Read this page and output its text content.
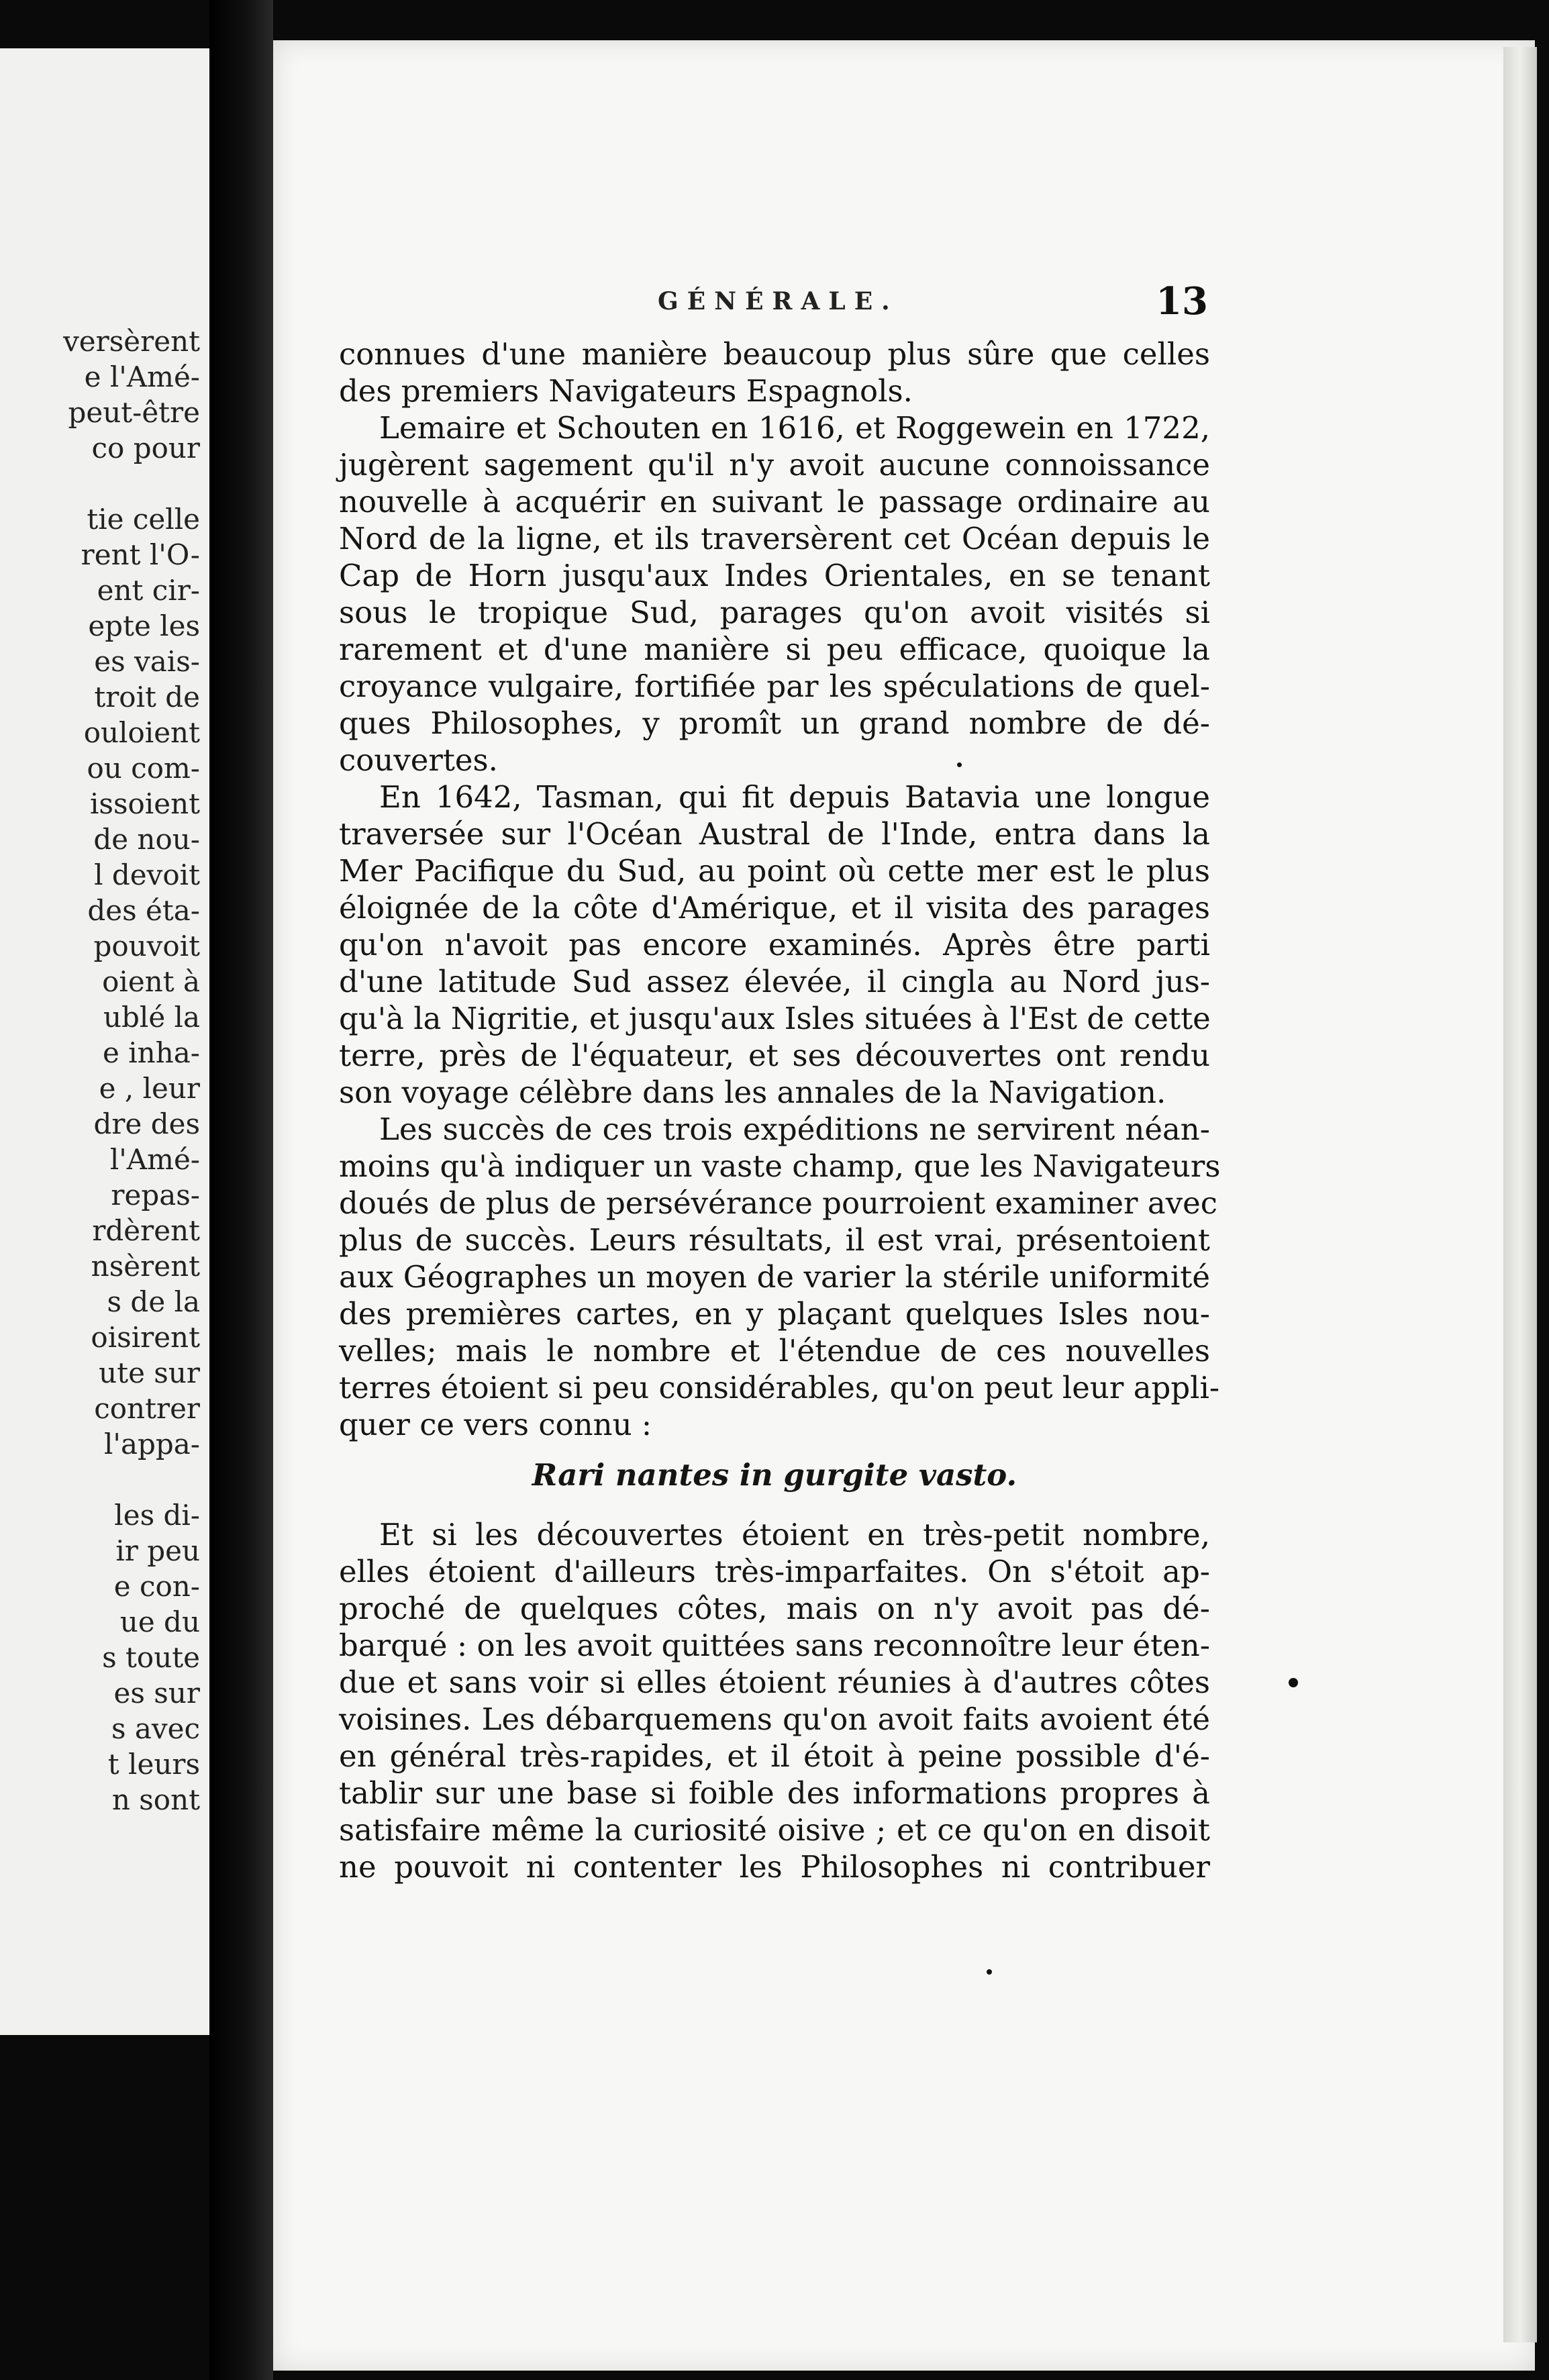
versèrent
e l'Amé-
peut-être
co pour

tie celle
rent l'O-
ent cir-
epte les
es vais-
troit de
ouloient
ou com-
issoient
de nou-
l devoit
des éta-
pouvoit
oient à
ublé la
e inha-
e , leur
dre des
l'Amé-
repas-
rdèrent
nsèrent
s de la
oisirent
ute sur
contrer
l'appa-

les di-
ir peu
e con-
ue du
s toute
es sur
s avec
t leurs
n sont
GÉNÉRALE.	13
connues d'une manière beaucoup plus sûre que celles
des premiers Navigateurs Espagnols.
Lemaire et Schouten en 1616, et Roggewein en 1722,
jugèrent sagement qu'il n'y avoit aucune connoissance
nouvelle à acquérir en suivant le passage ordinaire au
Nord de la ligne, et ils traversèrent cet Océan depuis le
Cap de Horn jusqu'aux Indes Orientales, en se tenant
sous le tropique Sud, parages qu'on avoit visités si
rarement et d'une manière si peu efficace, quoique la
croyance vulgaire, fortifiée par les spéculations de quel-
ques Philosophes, y promît un grand nombre de dé-
couvertes.
En 1642, Tasman, qui fit depuis Batavia une longue
traversée sur l'Océan Austral de l'Inde, entra dans la
Mer Pacifique du Sud, au point où cette mer est le plus
éloignée de la côte d'Amérique, et il visita des parages
qu'on n'avoit pas encore examinés. Après être parti
d'une latitude Sud assez élevée, il cingla au Nord jus-
qu'à la Nigritie, et jusqu'aux Isles situées à l'Est de cette
terre, près de l'équateur, et ses découvertes ont rendu
son voyage célèbre dans les annales de la Navigation.
Les succès de ces trois expéditions ne servirent néan-
moins qu'à indiquer un vaste champ, que les Navigateurs
doués de plus de persévérance pourroient examiner avec
plus de succès. Leurs résultats, il est vrai, présentoient
aux Géographes un moyen de varier la stérile uniformité
des premières cartes, en y plaçant quelques Isles nou-
velles; mais le nombre et l'étendue de ces nouvelles
terres étoient si peu considérables, qu'on peut leur appli-
quer ce vers connu :
Rari nantes in gurgite vasto.
Et si les découvertes étoient en très-petit nombre,
elles étoient d'ailleurs très-imparfaites. On s'étoit ap-
proché de quelques côtes, mais on n'y avoit pas dé-
barqué : on les avoit quittées sans reconnoître leur éten-
due et sans voir si elles étoient réunies à d'autres côtes
voisines. Les débarquemens qu'on avoit faits avoient été
en général très-rapides, et il étoit à peine possible d'é-
tablir sur une base si foible des informations propres à
satisfaire même la curiosité oisive ; et ce qu'on en disoit
ne pouvoit ni contenter les Philosophes ni contribuer
